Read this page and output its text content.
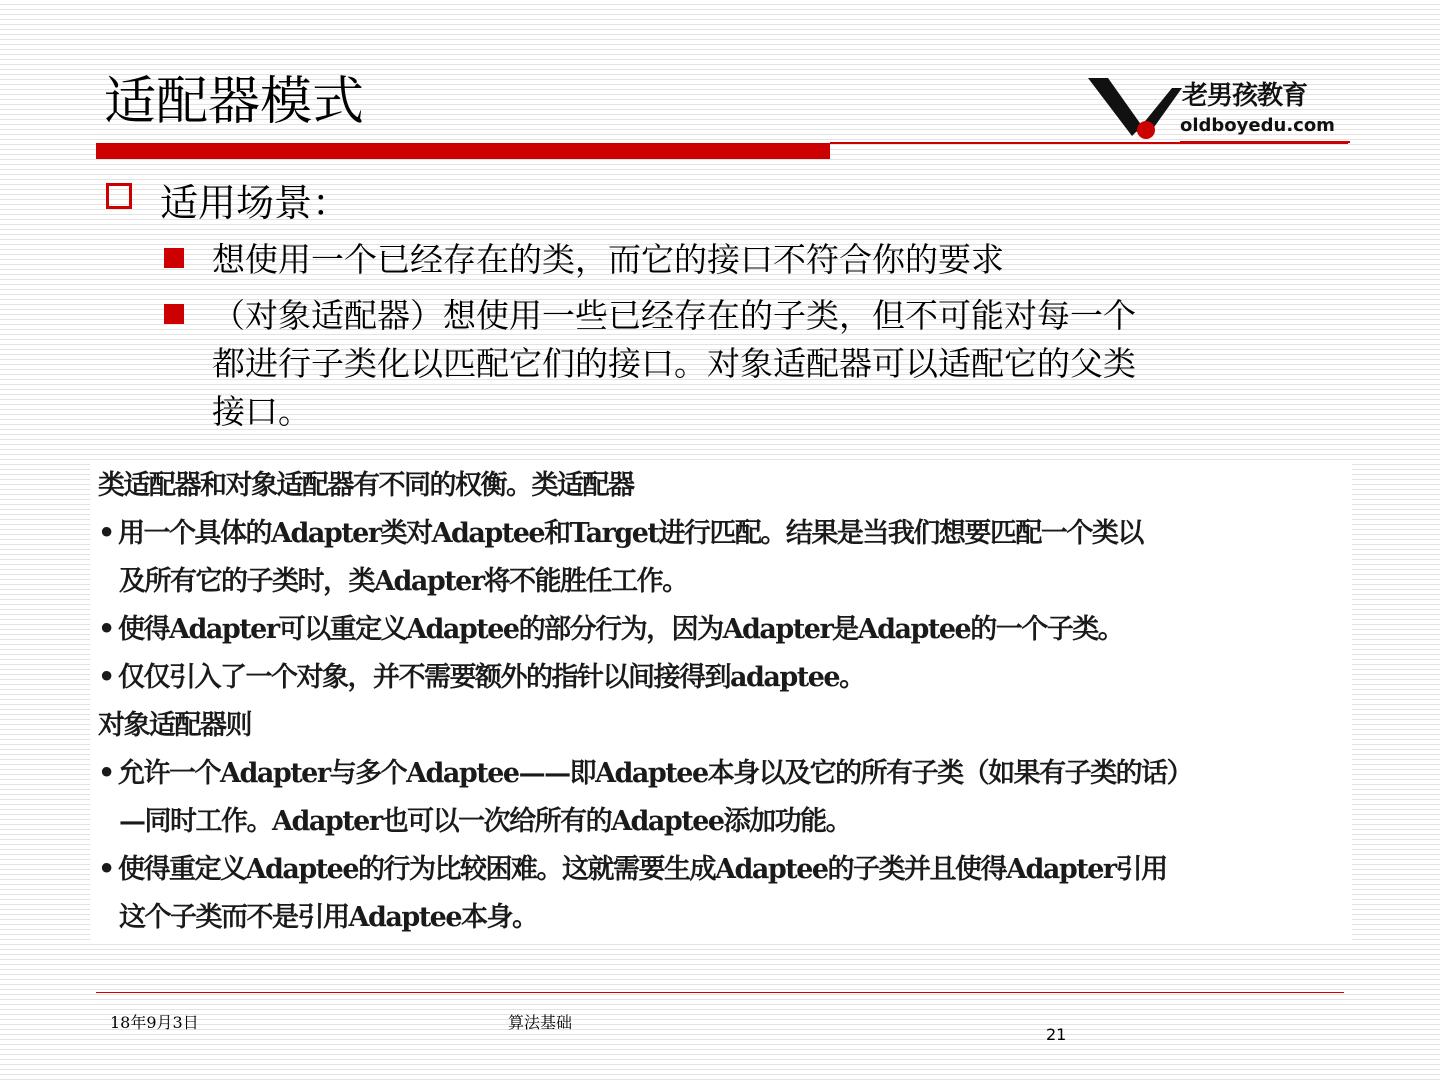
适配器模式	老男孩教育
oldboyedu.com
适用场景：
想使用一个已经存在的类，而它的接口不符合你的要求
（对象适配器）想使用一些已经存在的子类，但不可能对每一个
都进行子类化以匹配它们的接口。对象适配器可以适配它的父类
接口。
类适配器和对象适配器有不同的权衡。类适配器
• 用一个具体的Adapter类对Adaptee和Target进行匹配。结果是当我们想要匹配一个类以
及所有它的子类时，类Adapter将不能胜任工作。
• 使得Adapter可以重定义Adaptee的部分行为，因为Adapter是Adaptee的一个子类。
• 仅仅引入了一个对象，并不需要额外的指针以间接得到adaptee。
对象适配器则
• 允许一个Adapter与多个Adaptee——即Adaptee本身以及它的所有子类（如果有子类的话）
—同时工作。Adapter也可以一次给所有的Adaptee添加功能。
• 使得重定义Adaptee的行为比较困难。这就需要生成Adaptee的子类并且使得Adapter引用
这个子类而不是引用Adaptee本身。
18年9月3日	算法基础
21
